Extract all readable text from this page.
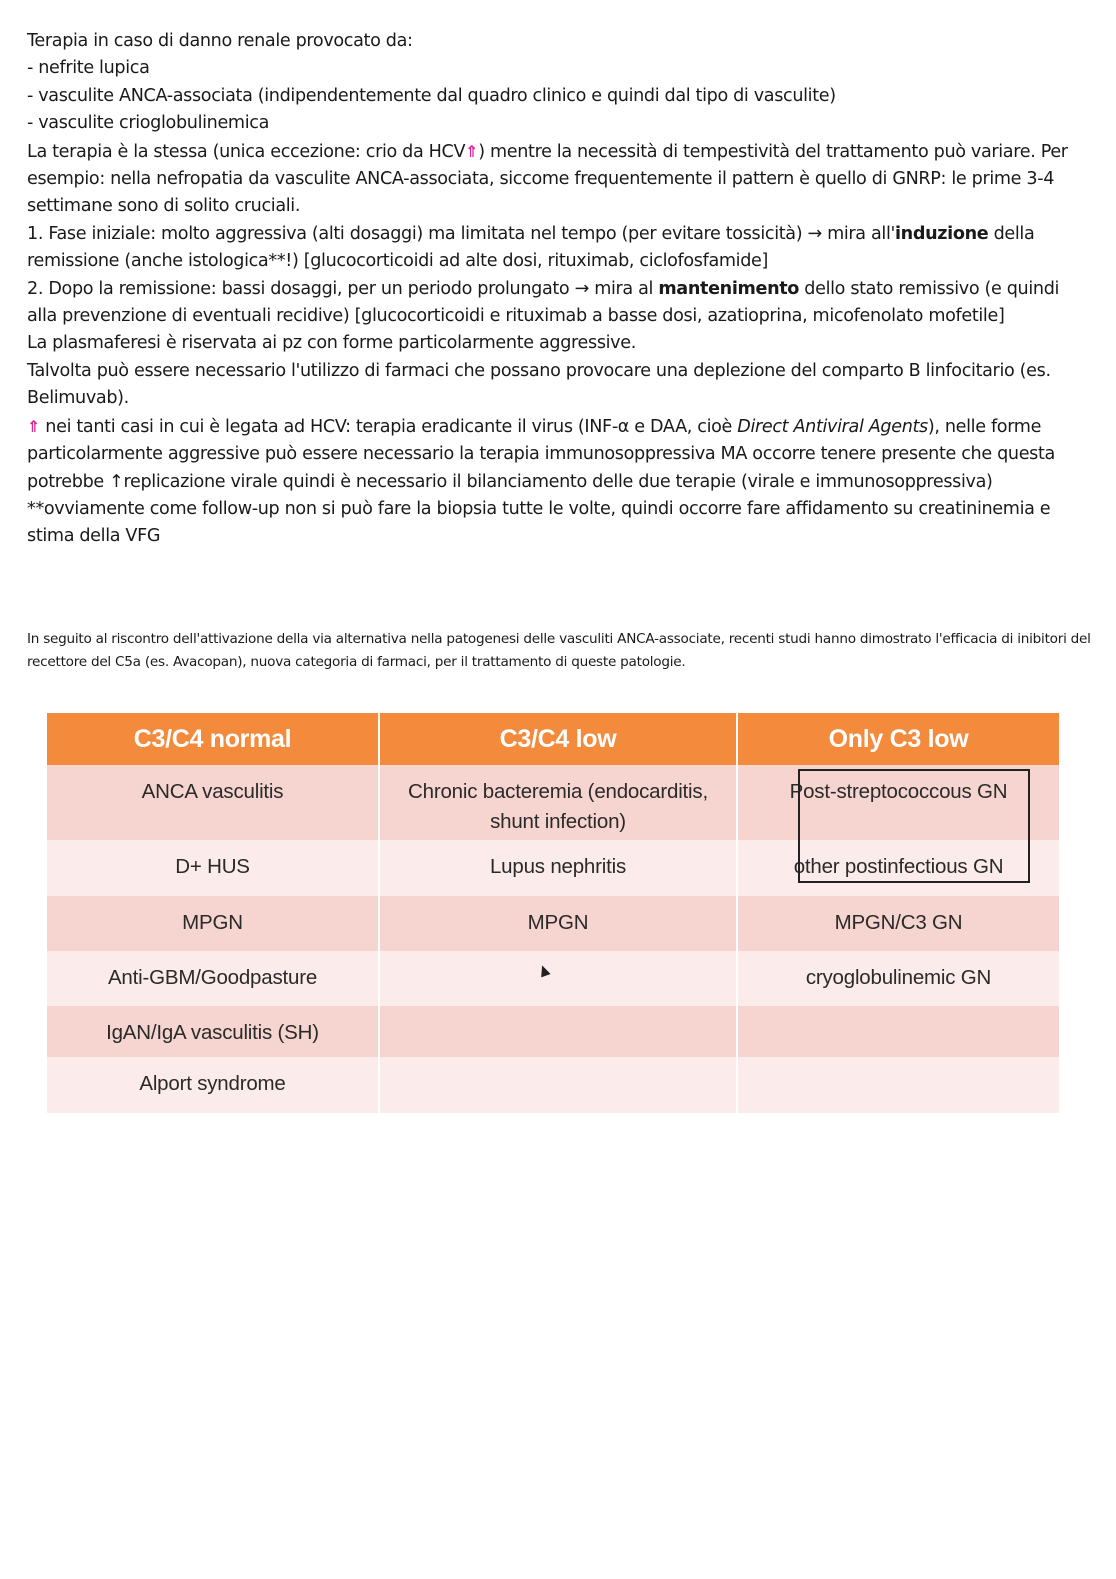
Terapia in caso di danno renale provocato da:

- nefrite lupica

- vasculite ANCA-associata (indipendentemente dal quadro clinico e quindi dal tipo di vasculite)

- vasculite crioglobulinemica

La terapia è la stessa (unica eccezione: crio da HCV⇑) mentre la necessità di tempestività del trattamento può variare. Per esempio: nella nefropatia da vasculite ANCA-associata, siccome frequentemente il pattern è quello di GNRP: le prime 3-4 settimane sono di solito cruciali.

1. Fase iniziale: molto aggressiva (alti dosaggi) ma limitata nel tempo (per evitare tossicità) → mira all'induzione della remissione (anche istologica**!) [glucocorticoidi ad alte dosi, rituximab, ciclofosfamide]

2. Dopo la remissione: bassi dosaggi, per un periodo prolungato → mira al mantenimento dello stato remissivo (e quindi alla prevenzione di eventuali recidive) [glucocorticoidi e rituximab a basse dosi, azatioprina, micofenolato mofetile]

La plasmaferesi è riservata ai pz con forme particolarmente aggressive.

Talvolta può essere necessario l'utilizzo di farmaci che possano provocare una deplezione del comparto B linfocitario (es. Belimuvab).

⇑ nei tanti casi in cui è legata ad HCV: terapia eradicante il virus (INF-α e DAA, cioè Direct Antiviral Agents), nelle forme particolarmente aggressive può essere necessario la terapia immunosoppressiva MA occorre tenere presente che questa potrebbe ↑replicazione virale quindi è necessario il bilanciamento delle due terapie (virale e immunosoppressiva)

**ovviamente come follow-up non si può fare la biopsia tutte le volte, quindi occorre fare affidamento su creatininemia e stima della VFG

In seguito al riscontro dell'attivazione della via alternativa nella patogenesi delle vasculiti ANCA-associate, recenti studi hanno dimostrato l'efficacia di inibitori del recettore del C5a (es. Avacopan), nuova categoria di farmaci, per il trattamento di queste patologie.

C3/C4 normal	C3/C4 low	Only C3 low
ANCA vasculitis	Chronic bacteremia (endocarditis, shunt infection)	Post-streptococcous GN
D+ HUS	Lupus nephritis	other postinfectious GN
MPGN	MPGN	MPGN/C3 GN
Anti-GBM/Goodpasture		cryoglobulinemic GN
IgAN/IgA vasculitis (SH)		
Alport syndrome		
